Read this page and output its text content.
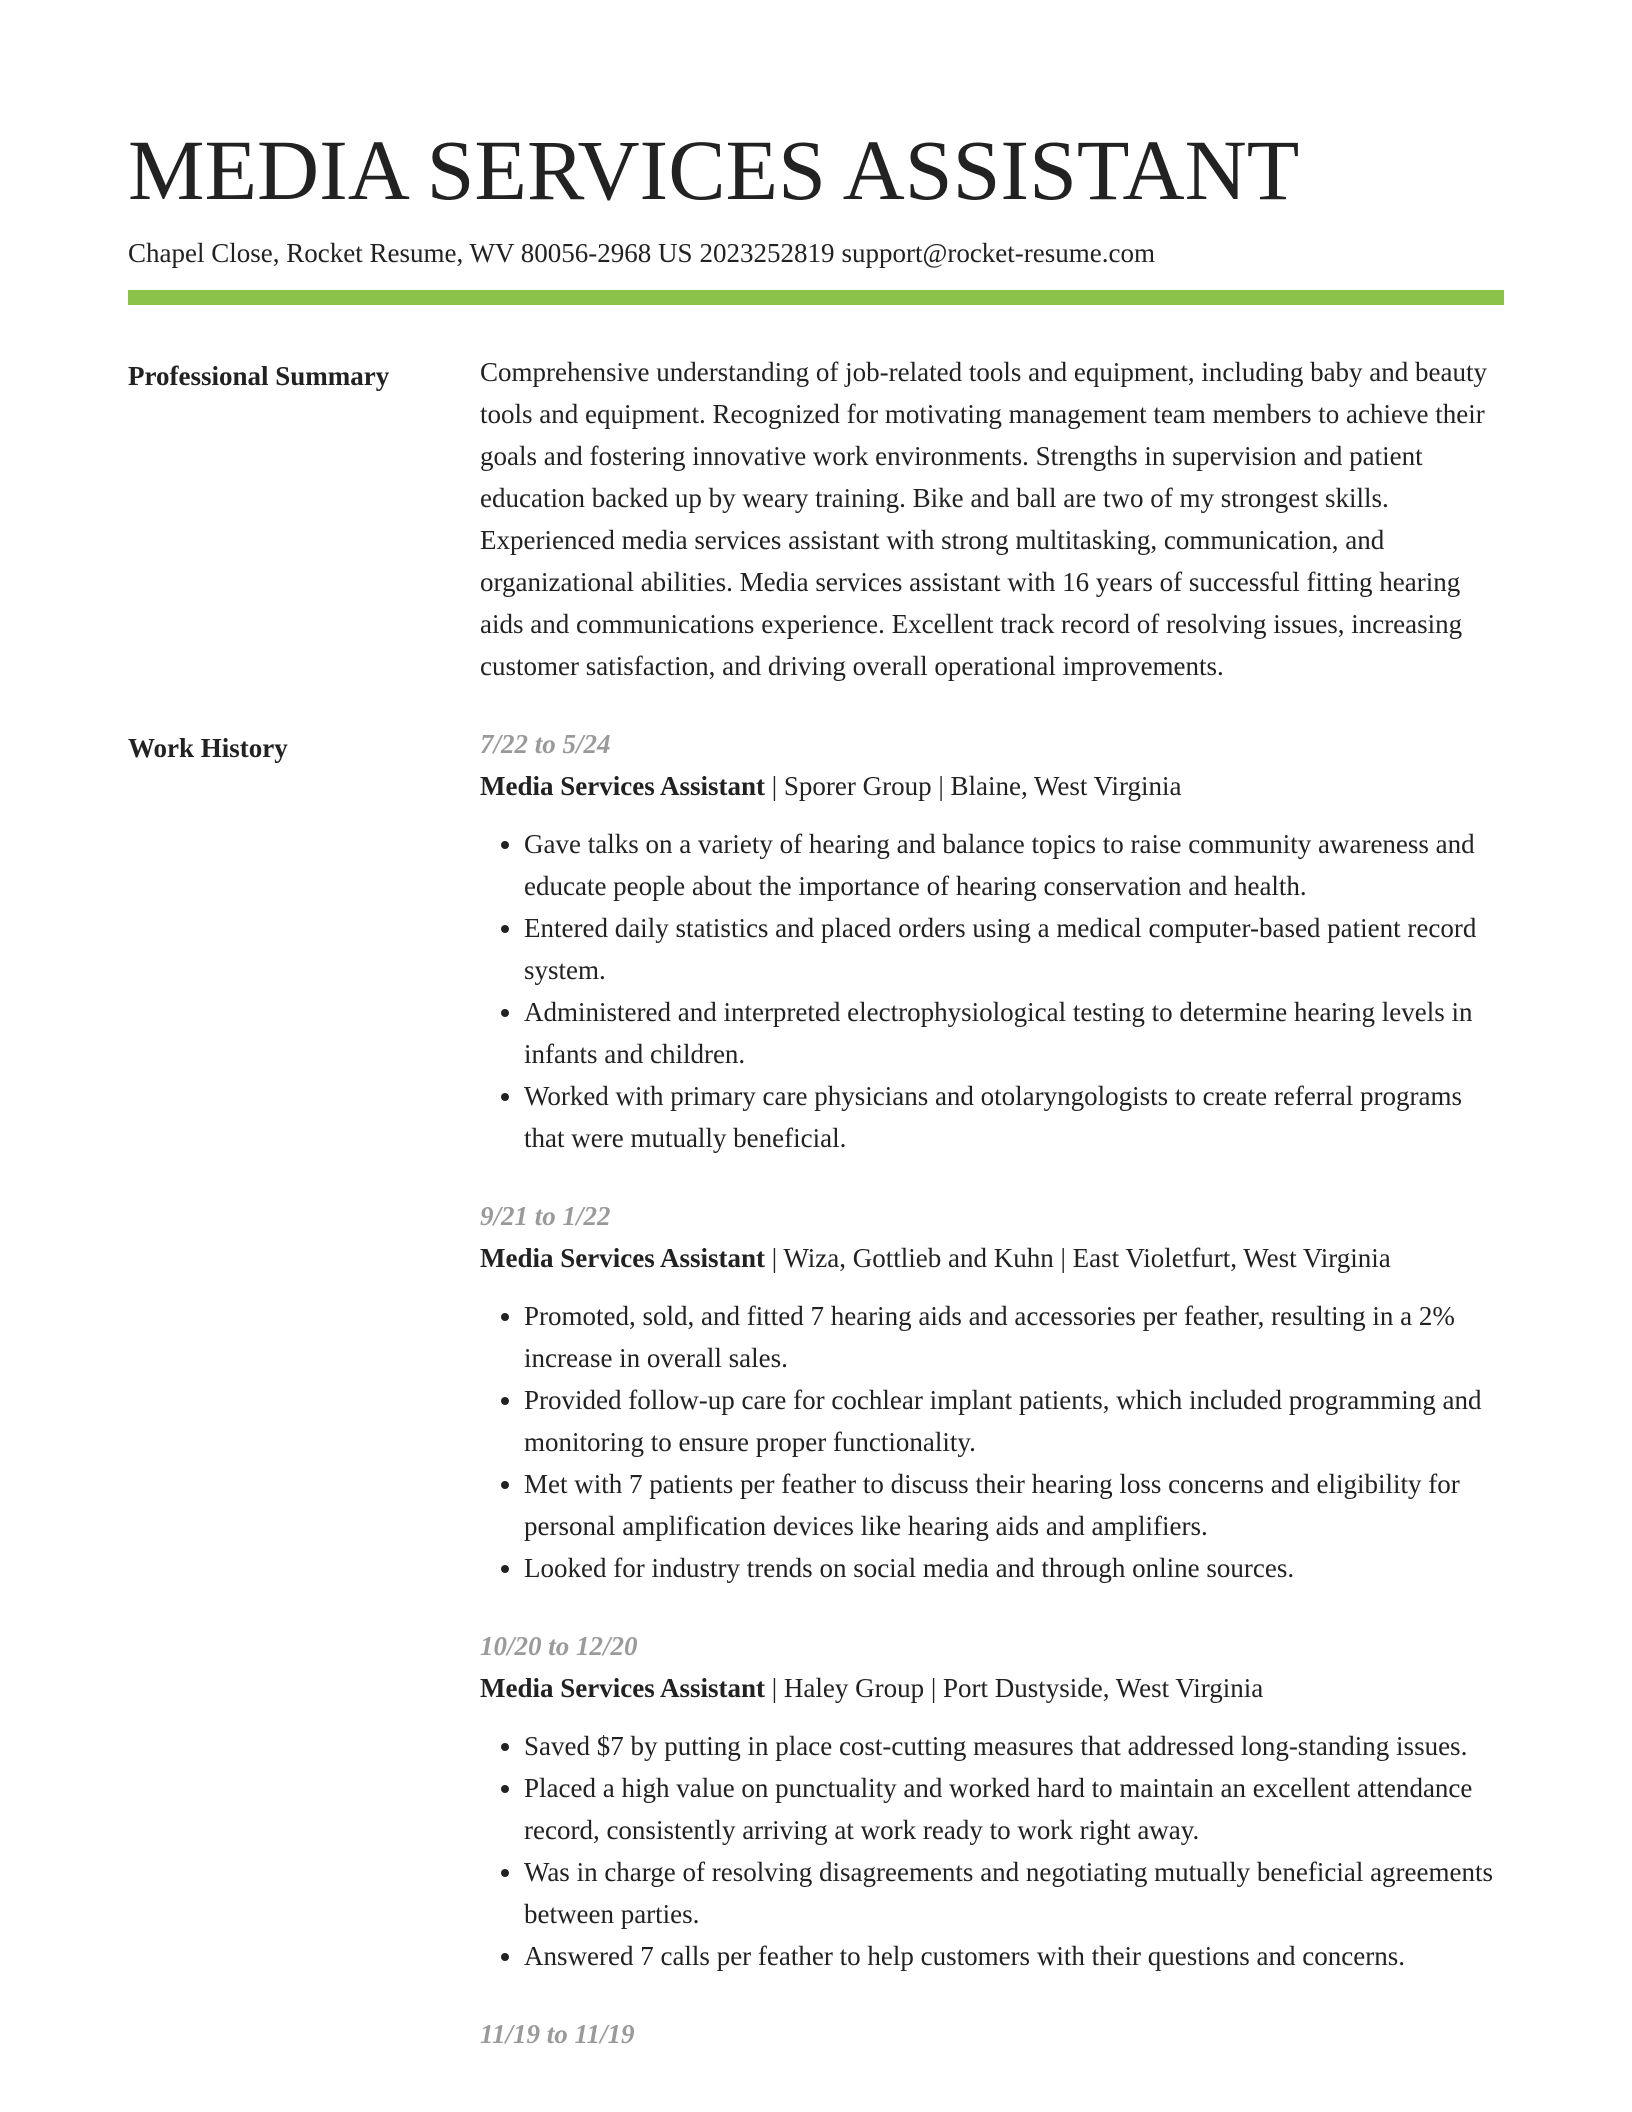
MEDIA SERVICES ASSISTANT
Chapel Close, Rocket Resume, WV 80056-2968 US 2023252819 support@rocket-resume.com
Professional Summary	Comprehensive understanding of job-related tools and equipment, including baby and beauty tools and equipment. Recognized for motivating management team members to achieve their goals and fostering innovative work environments. Strengths in supervision and patient education backed up by weary training. Bike and ball are two of my strongest skills. Experienced media services assistant with strong multitasking, communication, and organizational abilities. Media services assistant with 16 years of successful fitting hearing aids and communications experience. Excellent track record of resolving issues, increasing customer satisfaction, and driving overall operational improvements.

Work History	7/22 to 5/24
Media Services Assistant | Sporer Group | Blaine, West Virginia
• Gave talks on a variety of hearing and balance topics to raise community awareness and educate people about the importance of hearing conservation and health.
• Entered daily statistics and placed orders using a medical computer-based patient record system.
• Administered and interpreted electrophysiological testing to determine hearing levels in infants and children.
• Worked with primary care physicians and otolaryngologists to create referral programs that were mutually beneficial.
9/21 to 1/22
Media Services Assistant | Wiza, Gottlieb and Kuhn | East Violetfurt, West Virginia
• Promoted, sold, and fitted 7 hearing aids and accessories per feather, resulting in a 2% increase in overall sales.
• Provided follow-up care for cochlear implant patients, which included programming and monitoring to ensure proper functionality.
• Met with 7 patients per feather to discuss their hearing loss concerns and eligibility for personal amplification devices like hearing aids and amplifiers.
• Looked for industry trends on social media and through online sources.
10/20 to 12/20
Media Services Assistant | Haley Group | Port Dustyside, West Virginia
• Saved $7 by putting in place cost-cutting measures that addressed long-standing issues.
• Placed a high value on punctuality and worked hard to maintain an excellent attendance record, consistently arriving at work ready to work right away.
• Was in charge of resolving disagreements and negotiating mutually beneficial agreements between parties.
• Answered 7 calls per feather to help customers with their questions and concerns.
11/19 to 11/19
